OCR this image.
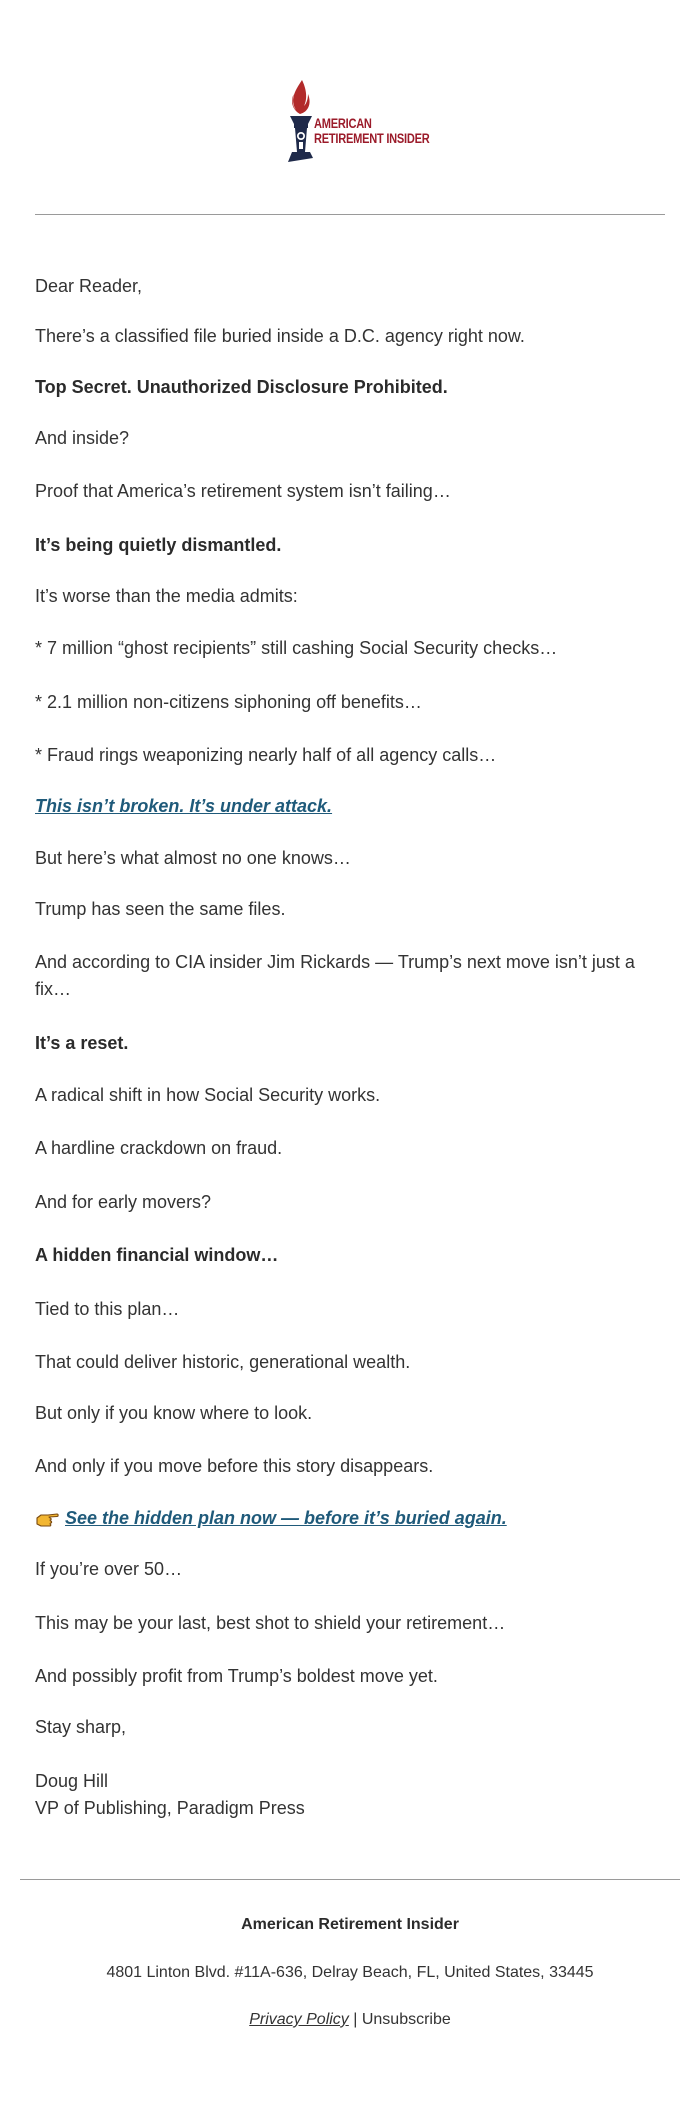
AMERICAN
RETIREMENT INSIDER

Dear Reader,

There’s a classified file buried inside a D.C. agency right now.

Top Secret. Unauthorized Disclosure Prohibited.

And inside?

Proof that America’s retirement system isn’t failing…

It’s being quietly dismantled.

It’s worse than the media admits:

* 7 million “ghost recipients” still cashing Social Security checks…

* 2.1 million non-citizens siphoning off benefits…

* Fraud rings weaponizing nearly half of all agency calls…

This isn’t broken. It’s under attack.

But here’s what almost no one knows…

Trump has seen the same files.

And according to CIA insider Jim Rickards — Trump’s next move isn’t just a fix…

It’s a reset.

A radical shift in how Social Security works.

A hardline crackdown on fraud.

And for early movers?

A hidden financial window…

Tied to this plan…

That could deliver historic, generational wealth.

But only if you know where to look.

And only if you move before this story disappears.

See the hidden plan now — before it’s buried again.

If you’re over 50…

This may be your last, best shot to shield your retirement…

And possibly profit from Trump’s boldest move yet.

Stay sharp,

Doug Hill

VP of Publishing, Paradigm Press

American Retirement Insider
4801 Linton Blvd. #11A-636, Delray Beach, FL, United States, 33445
Privacy Policy | Unsubscribe
